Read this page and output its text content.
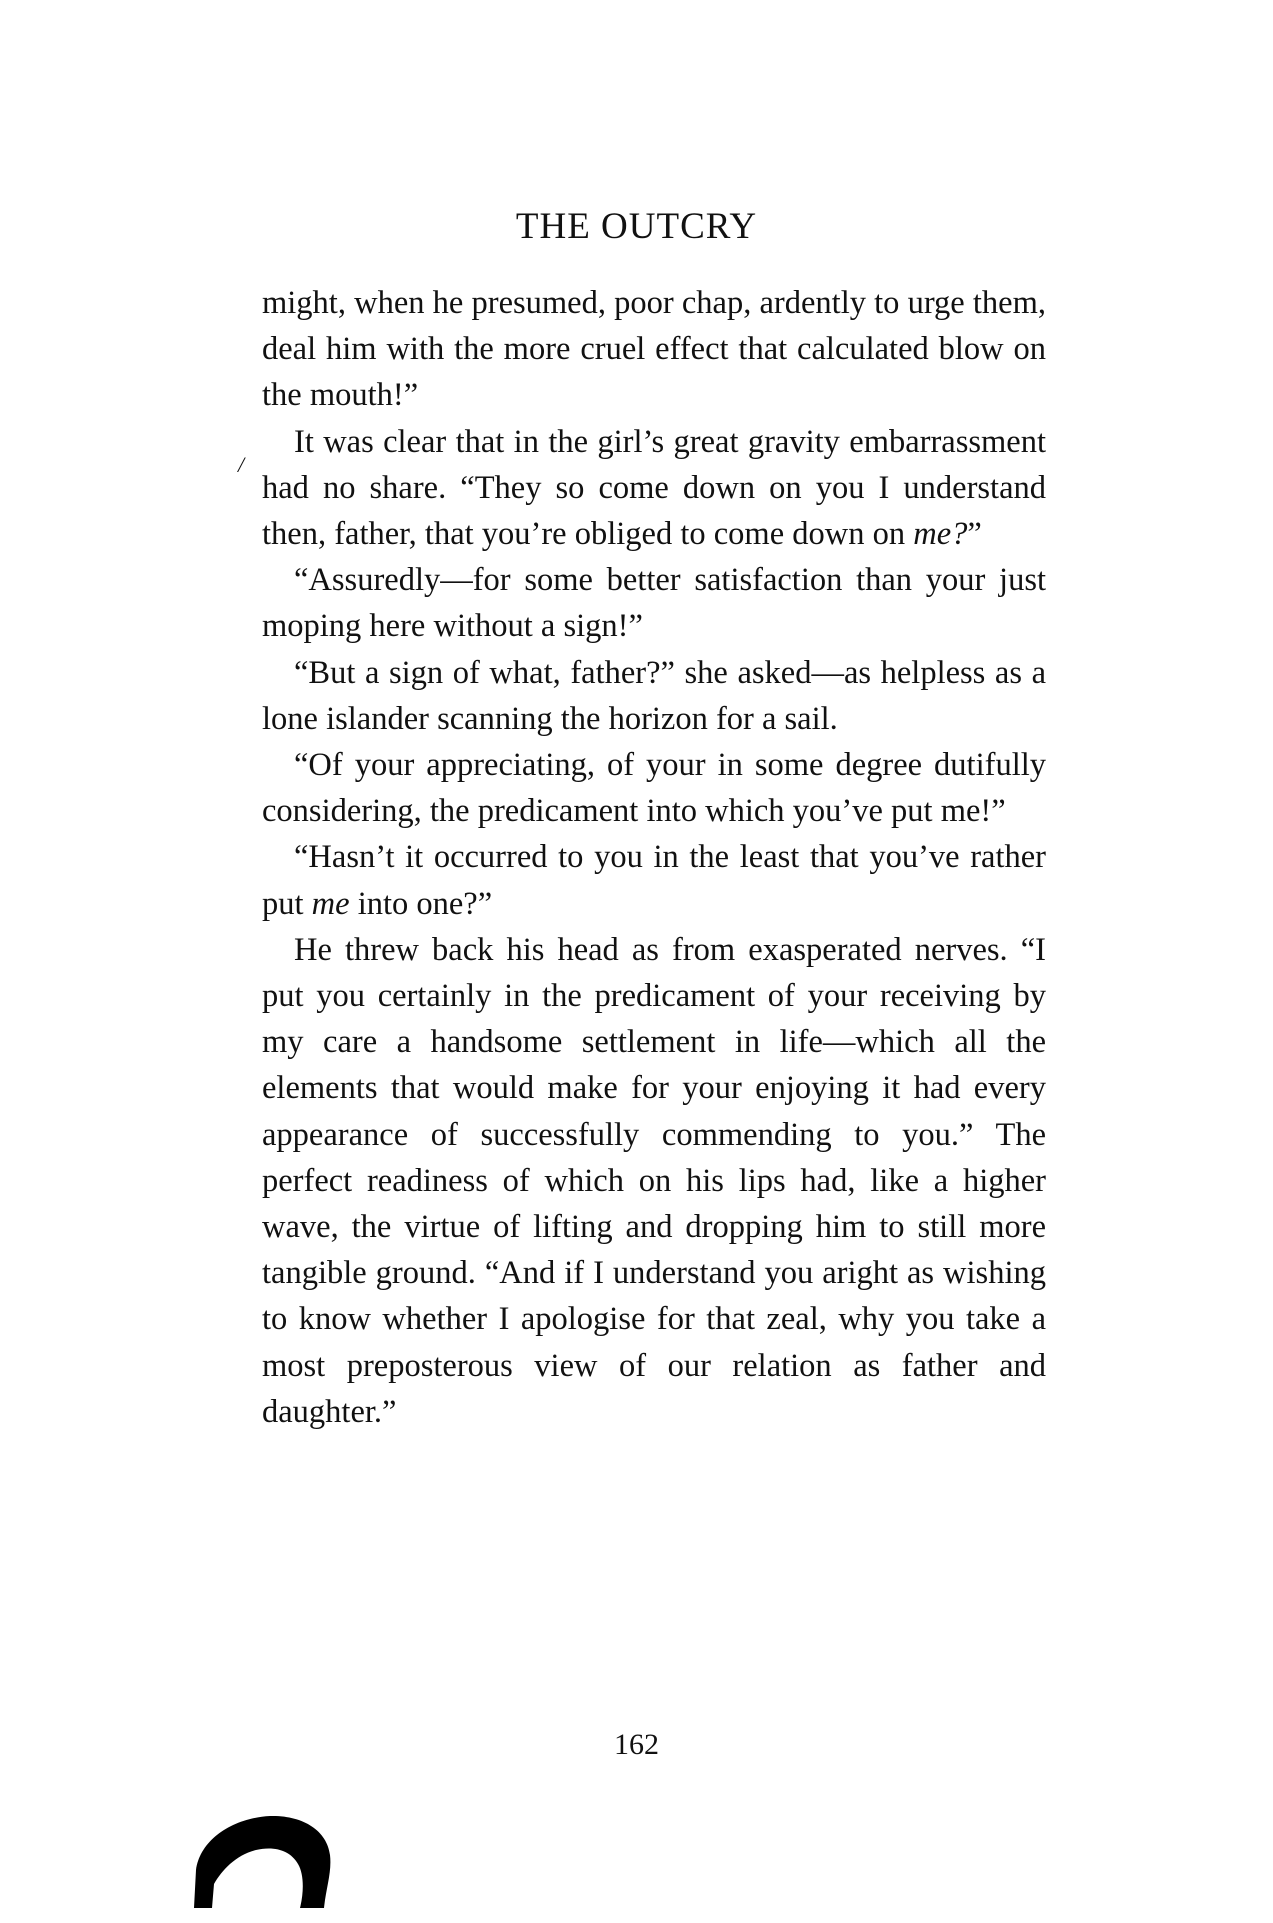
THE OUTCRY
/

might, when he presumed, poor chap, ardently to urge them, deal him with the more cruel effect that calculated blow on the mouth!”

It was clear that in the girl’s great gravity embarrassment had no share. “They so come down on you I understand then, father, that you’re obliged to come down on me?”

“Assuredly—for some better satisfaction than your just moping here without a sign!”

“But a sign of what, father?” she asked—as helpless as a lone islander scanning the horizon for a sail.

“Of your appreciating, of your in some degree dutifully considering, the predicament into which you’ve put me!”

“Hasn’t it occurred to you in the least that you’ve rather put me into one?”

He threw back his head as from exasperated nerves. “I put you certainly in the predicament of your receiving by my care a handsome settlement in life—which all the elements that would make for your enjoying it had every appearance of successfully commending to you.” The perfect readiness of which on his lips had, like a higher wave, the virtue of lifting and dropping him to still more tangible ground. “And if I understand you aright as wishing to know whether I apologise for that zeal, why you take a most preposterous view of our relation as father and daughter.”

162
